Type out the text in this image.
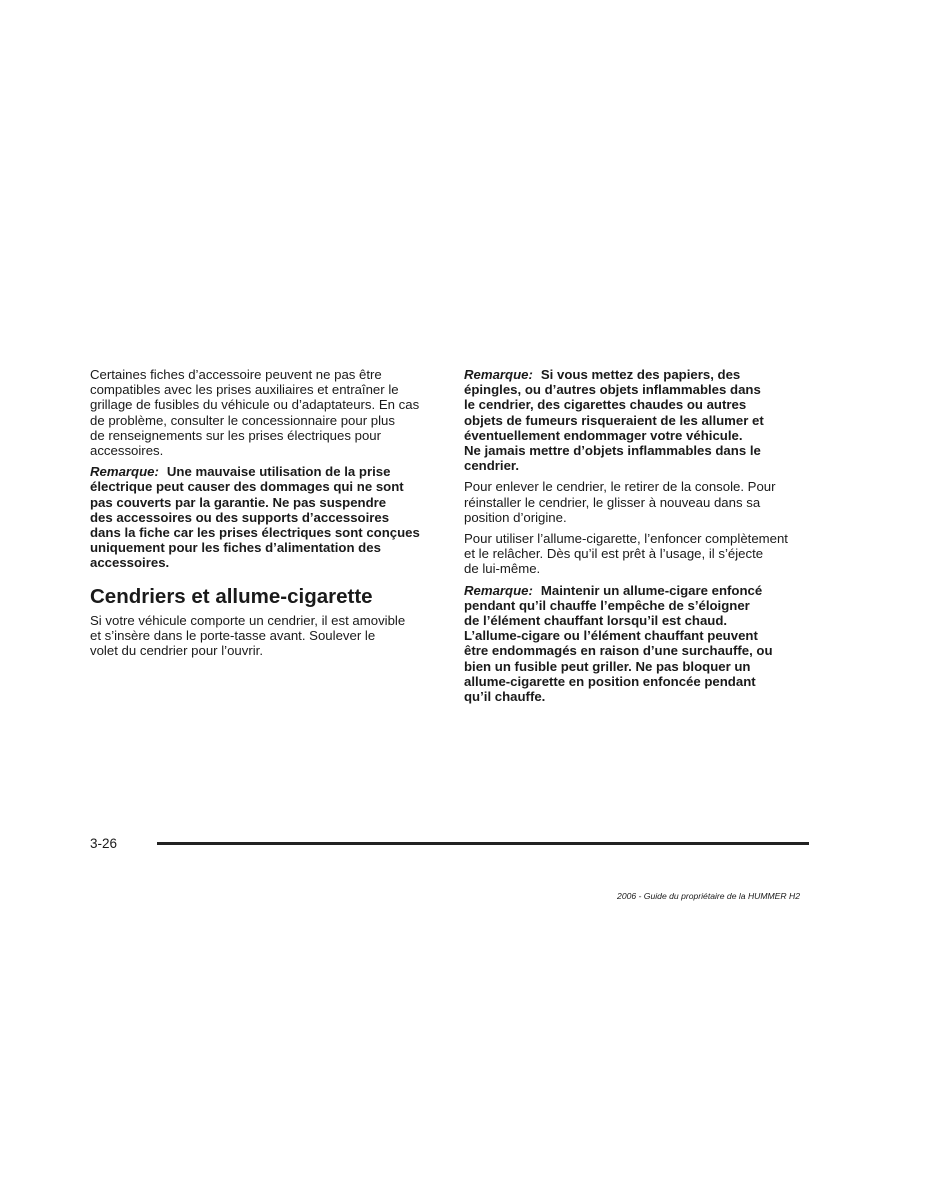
Certaines fiches d’accessoire peuvent ne pas être
compatibles avec les prises auxiliaires et entraîner le
grillage de fusibles du véhicule ou d’adaptateurs. En cas
de problème, consulter le concessionnaire pour plus
de renseignements sur les prises électriques pour
accessoires.

Remarque: Une mauvaise utilisation de la prise
électrique peut causer des dommages qui ne sont
pas couverts par la garantie. Ne pas suspendre
des accessoires ou des supports d’accessoires
dans la fiche car les prises électriques sont conçues
uniquement pour les fiches d’alimentation des
accessoires.

Cendriers et allume-cigarette

Si votre véhicule comporte un cendrier, il est amovible
et s’insère dans le porte-tasse avant. Soulever le
volet du cendrier pour l’ouvrir.

Remarque: Si vous mettez des papiers, des
épingles, ou d’autres objets inflammables dans
le cendrier, des cigarettes chaudes ou autres
objets de fumeurs risqueraient de les allumer et
éventuellement endommager votre véhicule.
Ne jamais mettre d’objets inflammables dans le
cendrier.

Pour enlever le cendrier, le retirer de la console. Pour
réinstaller le cendrier, le glisser à nouveau dans sa
position d’origine.

Pour utiliser l’allume-cigarette, l’enfoncer complètement
et le relâcher. Dès qu’il est prêt à l’usage, il s’éjecte
de lui-même.

Remarque: Maintenir un allume-cigare enfoncé
pendant qu’il chauffe l’empêche de s’éloigner
de l’élément chauffant lorsqu’il est chaud.
L’allume-cigare ou l’élément chauffant peuvent
être endommagés en raison d’une surchauffe, ou
bien un fusible peut griller. Ne pas bloquer un
allume-cigarette en position enfoncée pendant
qu’il chauffe.

3-26
2006 - Guide du propriétaire de la HUMMER H2
